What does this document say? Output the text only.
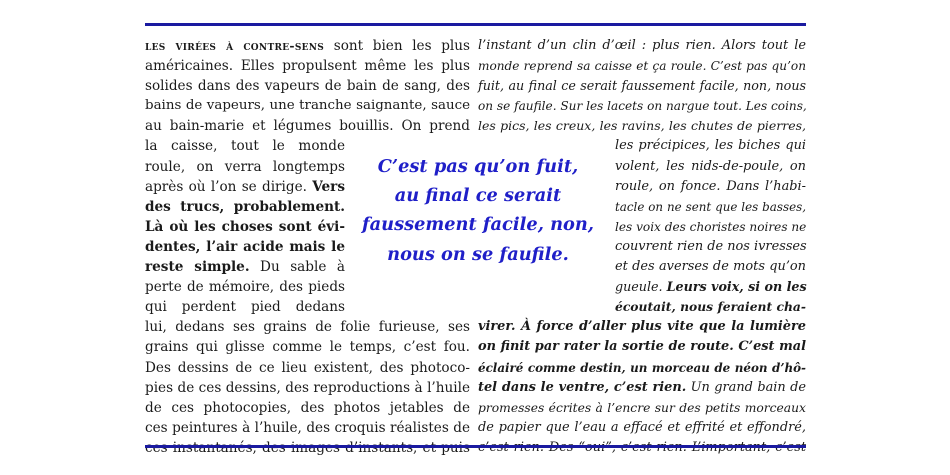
les virées à contre-sens sont bien les plus
américaines. Elles propulsent même les plus
solides dans des vapeurs de bain de sang, des
bains de vapeurs, une tranche saignante, sauce
au bain-marie et légumes bouillis. On prend
la caisse, tout le monde
roule, on verra longtemps
après où l’on se dirige. Vers
des trucs, probablement.
Là où les choses sont évi-
dentes, l’air acide mais le
reste simple. Du sable à
perte de mémoire, des pieds
qui perdent pied dedans
lui, dedans ses grains de folie furieuse, ses
grains qui glisse comme le temps, c’est fou.
Des dessins de ce lieu existent, des photoco-
pies de ces dessins, des reproductions à l’huile
de ces photocopies, des photos jetables de
ces peintures à l’huile, des croquis réalistes de
l’instant d’un clin d’œil : plus rien. Alors tout le
monde reprend sa caisse et ça roule. C’est pas qu’on
fuit, au final ce serait faussement facile, non, nous
on se faufile. Sur les lacets on nargue tout. Les coins,
les pics, les creux, les ravins, les chutes de pierres,
les précipices, les biches qui
volent, les nids-de-poule, on
roule, on fonce. Dans l’habi-
tacle on ne sent que les basses,
les voix des choristes noires ne
couvrent rien de nos ivresses
et des averses de mots qu’on
gueule. Leurs voix, si on les
écoutait, nous feraient cha-
virer. À force d’aller plus vite que la lumière
on finit par rater la sortie de route. C’est mal
éclairé comme destin, un morceau de néon d’hô-
tel dans le ventre, c’est rien. Un grand bain de
promesses écrites à l’encre sur des petits morceaux
de papier que l’eau a effacé et effrité et effondré,
C’est pas qu’on fuit,
au final ce serait
faussement facile, non,
nous on se faufile.
